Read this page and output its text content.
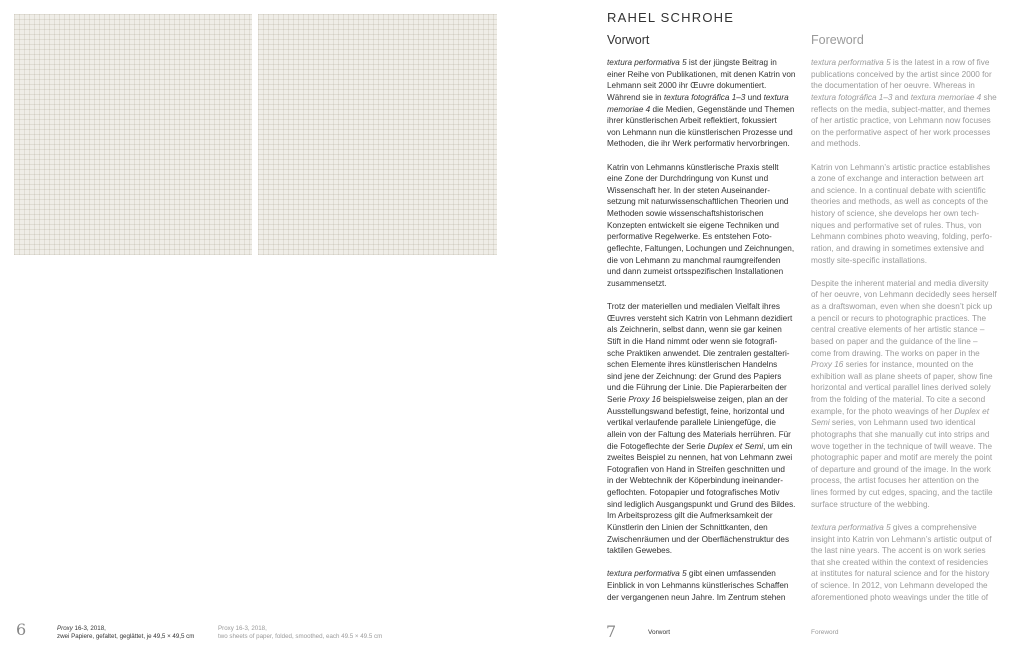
6	Proxy 16-3, 2018,
zwei Papiere, gefaltet, geglättet, je 49,5 × 49,5 cm
Proxy 16-3, 2018,
two sheets of paper, folded, smoothed, each 49.5 × 49.5 cm
RAHEL SCHROHE
Vorwort	Foreword

textura performativa 5 ist der jüngste Beitrag in
einer Reihe von Publikationen, mit denen Katrin von
Lehmann seit 2000 ihr Œuvre dokumentiert.
Während sie in textura fotográfica 1–3 und textura
memoriae 4 die Medien, Gegenstände und Themen
ihrer künstlerischen Arbeit reflektiert, fokussiert
von Lehmann nun die künstlerischen Prozesse und
Methoden, die ihr Werk performativ hervorbringen.

Katrin von Lehmanns künstlerische Praxis stellt
eine Zone der Durchdringung von Kunst und
Wissenschaft her. In der steten Auseinander-
setzung mit naturwissenschaftlichen Theorien und
Methoden sowie wissenschaftshistorischen
Konzepten entwickelt sie eigene Techniken und
performative Regelwerke. Es entstehen Foto-
geflechte, Faltungen, Lochungen und Zeichnungen,
die von Lehmann zu manchmal raumgreifenden
und dann zumeist ortsspezifischen Installationen
zusammensetzt.

Trotz der materiellen und medialen Vielfalt ihres
Œuvres versteht sich Katrin von Lehmann dezidiert
als Zeichnerin, selbst dann, wenn sie gar keinen
Stift in die Hand nimmt oder wenn sie fotografi-
sche Praktiken anwendet. Die zentralen gestalteri-
schen Elemente ihres künstlerischen Handelns
sind jene der Zeichnung: der Grund des Papiers
und die Führung der Linie. Die Papierarbeiten der
Serie Proxy 16 beispielsweise zeigen, plan an der
Ausstellungswand befestigt, feine, horizontal und
vertikal verlaufende parallele Liniengefüge, die
allein von der Faltung des Materials herrühren. Für
die Fotogeflechte der Serie Duplex et Semi, um ein
zweites Beispiel zu nennen, hat von Lehmann zwei
Fotografien von Hand in Streifen geschnitten und
in der Webtechnik der Köperbindung ineinander-
geflochten. Fotopapier und fotografisches Motiv
sind lediglich Ausgangspunkt und Grund des Bildes.
Im Arbeitsprozess gilt die Aufmerksamkeit der
Künstlerin den Linien der Schnittkanten, den
Zwischenräumen und der Oberflächenstruktur des
taktilen Gewebes.

textura performativa 5 gibt einen umfassenden
Einblick in von Lehmanns künstlerisches Schaffen
der vergangenen neun Jahre. Im Zentrum stehen

textura performativa 5 is the latest in a row of five
publications conceived by the artist since 2000 for
the documentation of her oeuvre. Whereas in
textura fotográfica 1–3 and textura memoriae 4 she
reflects on the media, subject-matter, and themes
of her artistic practice, von Lehmann now focuses
on the performative aspect of her work processes
and methods.

Katrin von Lehmann’s artistic practice establishes
a zone of exchange and interaction between art
and science. In a continual debate with scientific
theories and methods, as well as concepts of the
history of science, she develops her own tech-
niques and performative set of rules. Thus, von
Lehmann combines photo weaving, folding, perfo-
ration, and drawing in sometimes extensive and
mostly site-specific installations.

Despite the inherent material and media diversity
of her oeuvre, von Lehmann decidedly sees herself
as a draftswoman, even when she doesn’t pick up
a pencil or recurs to photographic practices. The
central creative elements of her artistic stance –
based on paper and the guidance of the line –
come from drawing. The works on paper in the
Proxy 16 series for instance, mounted on the
exhibition wall as plane sheets of paper, show fine
horizontal and vertical parallel lines derived solely
from the folding of the material. To cite a second
example, for the photo weavings of her Duplex et
Semi series, von Lehmann used two identical
photographs that she manually cut into strips and
wove together in the technique of twill weave. The
photographic paper and motif are merely the point
of departure and ground of the image. In the work
process, the artist focuses her attention on the
lines formed by cut edges, spacing, and the tactile
surface structure of the webbing.

textura performativa 5 gives a comprehensive
insight into Katrin von Lehmann’s artistic output of
the last nine years. The accent is on work series
that she created within the context of residencies
at institutes for natural science and for the history
of science. In 2012, von Lehmann developed the
aforementioned photo weavings under the title of

7	Vorwort	Foreword
